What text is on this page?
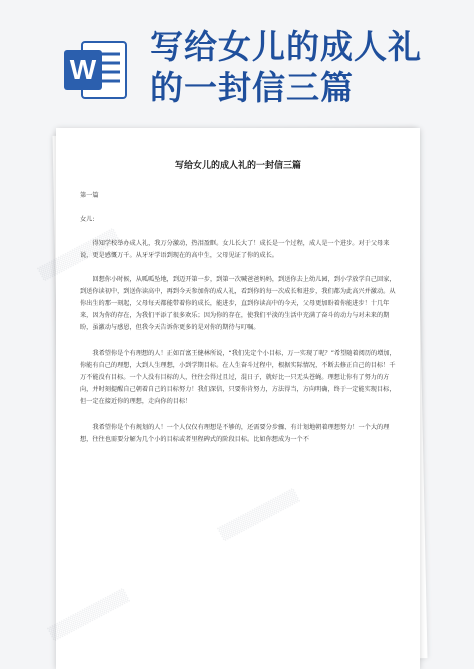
W
写给女儿的成人礼
的一封信三篇
▒▒▒▒▒▒▒▒▒▒▒
▒▒▒▒▒▒▒▒▒▒▒
▒▒▒▒▒▒▒▒▒▒▒
写给女儿的成人礼的一封信三篇

第一篇

女儿:

得知学校举办成人礼，我万分激动，热泪盈眶。女儿长大了！成长是一个过程，成人是一个进步。对于父母来说，更是感慨万千。从牙牙学语到现在的高中生，父母见证了你的成长。

回想你小时候，从呱呱坠地，到迈开第一步，到第一次喊爸爸妈妈，到送你去上幼儿园，到小学放学自己回家，到送你读初中，到送你读高中，再到今天参加你的成人礼，看到你的每一次成长和进步，我们都为此高兴并激动。从你出生的那一刻起，父母每天都能带着你的成长，能进步，直到你读高中的今天，父母更加盼着你能进步！十几年来，因为你的存在，为我们平添了很多欢乐；因为你的存在，使我们平淡的生活中充满了奋斗的动力与对未来的期盼，虽激动与感恩，但我今天告诉你更多的是对你的期待与叮嘱。

我希望你是个有理想的人！正如百富王健林所说，“我们先定个小目标，万一实现了呢？”希望随着阅历的增加，你能有自己的理想，大到人生理想，小到学期目标。在人生奋斗过程中，根据实际情况，不断去修正自己的目标！千万不能没有目标。一个人没有目标的人，往往会得过且过，混日子，就好比一只无头苍蝇。理想让你有了努力的方向，并时刻提醒自己朝着自己的目标努力！我们深信，只要你肯努力，方法得当，方向明确，终于一定能实现目标，但一定在接近你的理想，走向你的目标！

我希望你是个有规划的人！一个人仅仅有理想是不够的，还需要分步骤、有计划地朝着理想努力！一个大的理想，往往也需要分解为几个小的目标或者里程碑式的阶段目标。比如你想成为一个不
